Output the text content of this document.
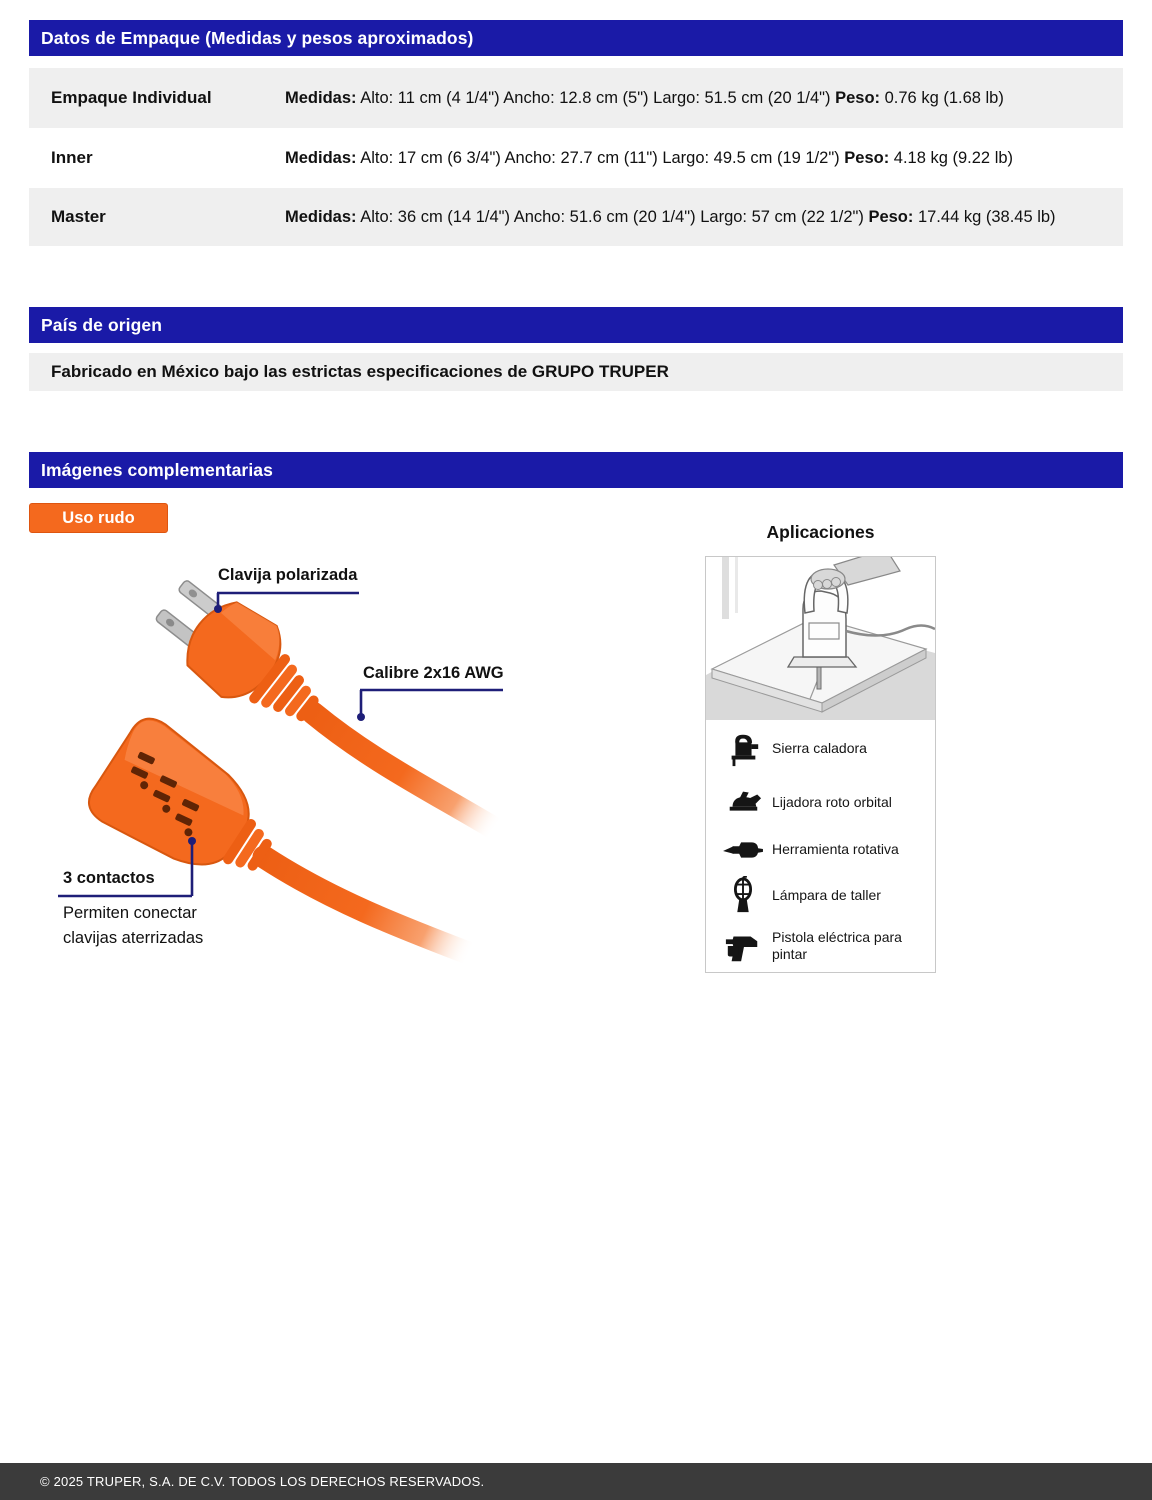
Datos de Empaque (Medidas y pesos aproximados)
Empaque Individual	Medidas: Alto: 11 cm (4 1/4") Ancho: 12.8 cm (5") Largo: 51.5 cm (20 1/4") Peso: 0.76 kg (1.68 lb)
Inner	Medidas: Alto: 17 cm (6 3/4") Ancho: 27.7 cm (11") Largo: 49.5 cm (19 1/2") Peso: 4.18 kg (9.22 lb)
Master	Medidas: Alto: 36 cm (14 1/4") Ancho: 51.6 cm (20 1/4") Largo: 57 cm (22 1/2") Peso: 17.44 kg (38.45 lb)
País de origen
Fabricado en México bajo las estrictas especificaciones de GRUPO TRUPER
Imágenes complementarias
Uso rudo
Clavija polarizada
Calibre 2x16 AWG
3 contactos
Permiten conectar
clavijas aterrizadas
Aplicaciones
Sierra caladora
Lijadora roto orbital
Herramienta rotativa
Lámpara de taller
Pistola eléctrica para pintar
© 2025 TRUPER, S.A. DE C.V. TODOS LOS DERECHOS RESERVADOS.
